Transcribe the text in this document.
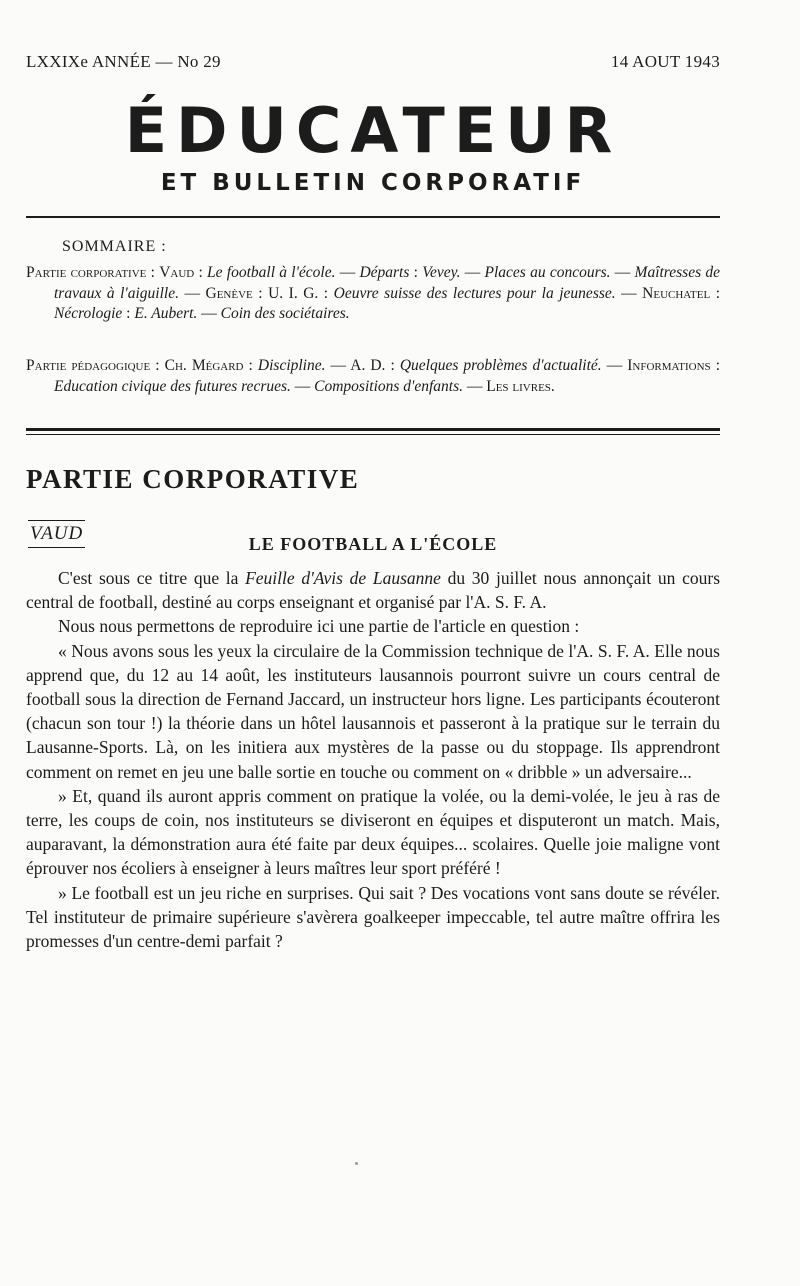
LXXIXe ANNÉE — No 29	14 AOUT 1943
ÉDUCATEUR
ET BULLETIN CORPORATIF
SOMMAIRE :
Partie corporative : Vaud : Le football à l'école. — Départs : Vevey. — Places au concours. — Maîtresses de travaux à l'aiguille. — Genève : U. I. G. : Oeuvre suisse des lectures pour la jeunesse. — Neuchatel : Nécrologie : E. Aubert. — Coin des sociétaires.
Partie pédagogique : Ch. Mégard : Discipline. — A. D. : Quelques problèmes d'actualité. — Informations : Education civique des futures recrues. — Compositions d'enfants. — Les livres.
PARTIE CORPORATIVE
VAUD	LE FOOTBALL A L'ÉCOLE

C'est sous ce titre que la Feuille d'Avis de Lausanne du 30 juillet nous annonçait un cours central de football, destiné au corps enseignant et organisé par l'A. S. F. A.

Nous nous permettons de reproduire ici une partie de l'article en question :

« Nous avons sous les yeux la circulaire de la Commission technique de l'A. S. F. A. Elle nous apprend que, du 12 au 14 août, les instituteurs lausannois pourront suivre un cours central de football sous la direction de Fernand Jaccard, un instructeur hors ligne. Les participants écouteront (chacun son tour !) la théorie dans un hôtel lausannois et passeront à la pratique sur le terrain du Lausanne-Sports. Là, on les initiera aux mystères de la passe ou du stoppage. Ils apprendront comment on remet en jeu une balle sortie en touche ou comment on « dribble » un adversaire...

» Et, quand ils auront appris comment on pratique la volée, ou la demi-volée, le jeu à ras de terre, les coups de coin, nos instituteurs se diviseront en équipes et disputeront un match. Mais, auparavant, la démonstration aura été faite par deux équipes... scolaires. Quelle joie maligne vont éprouver nos écoliers à enseigner à leurs maîtres leur sport préféré !

» Le football est un jeu riche en surprises. Qui sait ? Des vocations vont sans doute se révéler. Tel instituteur de primaire supérieure s'avèrera goalkeeper impeccable, tel autre maître offrira les promesses d'un centre-demi parfait ?
